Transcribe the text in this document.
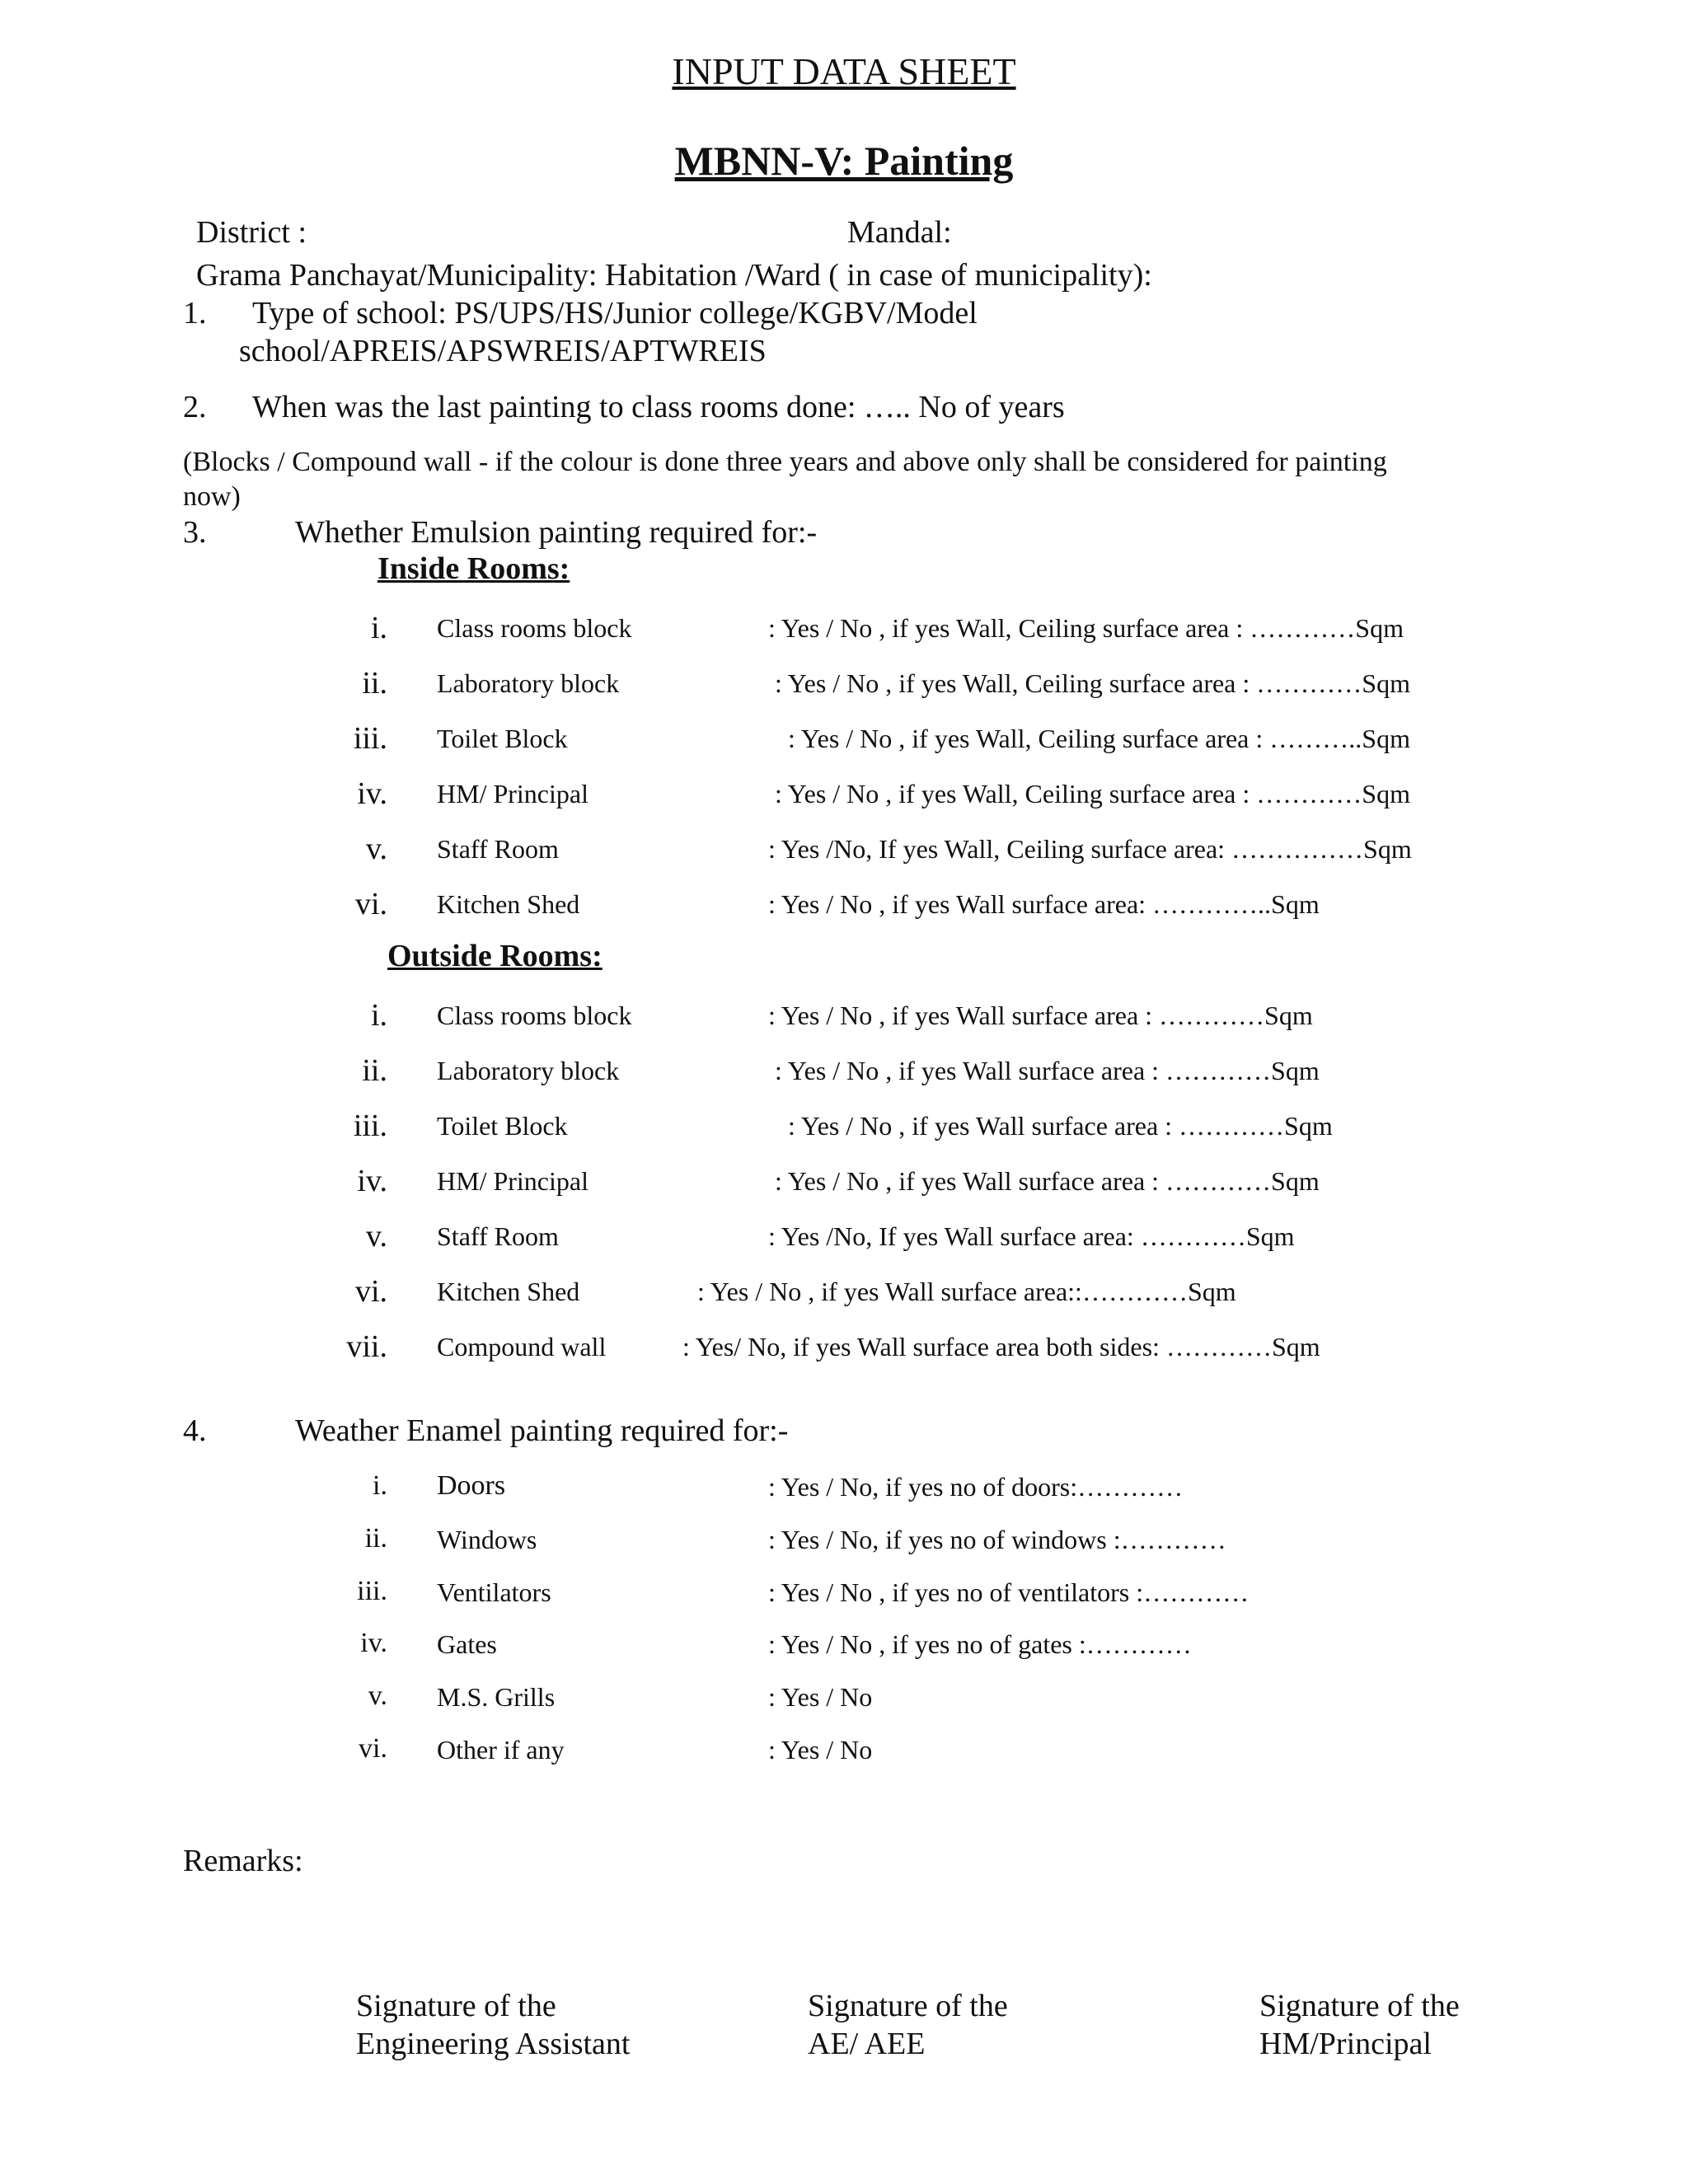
INPUT DATA SHEET
MBNN-V: Painting
District :	Mandal:
Grama Panchayat/Municipality: Habitation /Ward ( in case of municipality):
1. Type of school: PS/UPS/HS/Junior college/KGBV/Model
school/APREIS/APSWREIS/APTWREIS
2. When was the last painting to class rooms done: ….. No of years
(Blocks / Compound wall - if the colour is done three years and above only shall be considered for painting
now)
3.	Whether Emulsion painting required for:-
Inside Rooms:
i. Class rooms block	: Yes / No , if yes Wall, Ceiling surface area : …………Sqm
ii. Laboratory block	: Yes / No , if yes Wall, Ceiling surface area : …………Sqm
iii. Toilet Block	: Yes / No , if yes Wall, Ceiling surface area : ………..Sqm
iv. HM/ Principal	: Yes / No , if yes Wall, Ceiling surface area : …………Sqm
v. Staff Room	: Yes /No, If yes Wall, Ceiling surface area: ……………Sqm
vi. Kitchen Shed	: Yes / No , if yes Wall surface area: …………..Sqm
Outside Rooms:
i. Class rooms block	: Yes / No , if yes Wall surface area : …………Sqm
ii. Laboratory block	: Yes / No , if yes Wall surface area : …………Sqm
iii. Toilet Block	: Yes / No , if yes Wall surface area : …………Sqm
iv. HM/ Principal	: Yes / No , if yes Wall surface area : …………Sqm
v. Staff Room	: Yes /No, If yes Wall surface area: …………Sqm
vi. Kitchen Shed	: Yes / No , if yes Wall surface area::…………Sqm
vii. Compound wall	: Yes/ No, if yes Wall surface area both sides: …………Sqm
4.	Weather Enamel painting required for:-
i. Doors	: Yes / No, if yes no of doors:…………
ii. Windows	: Yes / No, if yes no of windows :…………
iii. Ventilators	: Yes / No , if yes no of ventilators :…………
iv. Gates	: Yes / No , if yes no of gates :…………
v. M.S. Grills	: Yes / No
vi. Other if any	: Yes / No
Remarks:
Signature of the
Engineering Assistant
Signature of the
AE/ AEE
Signature of the
HM/Principal
